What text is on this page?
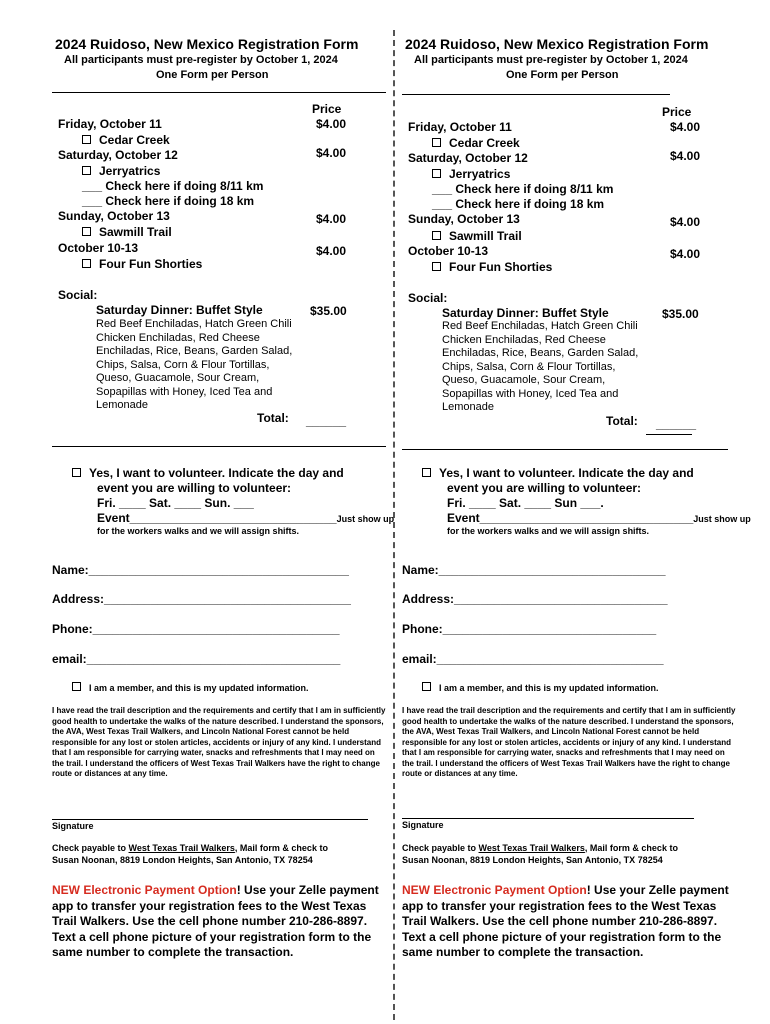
2024 Ruidoso, New Mexico Registration Form
All participants must pre-register by October 1, 2024
One Form per Person
Price
Friday, October 11	$4.00
Cedar Creek
Saturday, October 12	$4.00
Jerryatrics
___ Check here if doing 8/11 km
___ Check here if doing 18 km
Sunday, October 13	$4.00
Sawmill Trail
October 10-13	$4.00
Four Fun Shorties
Social:
Saturday Dinner: Buffet Style	$35.00
Red Beef Enchiladas, Hatch Green Chili Chicken Enchiladas, Red Cheese Enchiladas, Rice, Beans, Garden Salad, Chips, Salsa, Corn & Flour Tortillas, Queso, Guacamole, Sour Cream, Sopapillas with Honey, Iced Tea and Lemonade
Total: ______
Yes, I want to volunteer. Indicate the day and
event you are willing to volunteer:
Fri. ____ Sat. ____ Sun. ___
Event_______________________________Just show up
for the workers walks and we will assign shifts.
Name:_______________________________________
Address:_____________________________________
Phone:_____________________________________
email:______________________________________
I am a member, and this is my updated information.
I have read the trail description and the requirements and certify that I am in sufficiently good health to undertake the walks of the nature described. I understand the sponsors, the AVA, West Texas Trail Walkers, and Lincoln National Forest cannot be held responsible for any lost or stolen articles, accidents or injury of any kind. I understand that I am responsible for carrying water, snacks and refreshments that I may need on the trail. I understand the officers of West Texas Trail Walkers have the right to change route or distances at any time.
Signature
Check payable to West Texas Trail Walkers, Mail form & check to
Susan Noonan, 8819 London Heights, San Antonio, TX 78254
NEW Electronic Payment Option! Use your Zelle payment app to transfer your registration fees to the West Texas Trail Walkers. Use the cell phone number 210-286-8897. Text a cell phone picture of your registration form to the same number to complete the transaction.
2024 Ruidoso, New Mexico Registration Form
All participants must pre-register by October 1, 2024
One Form per Person
Price
Friday, October 11	$4.00
Cedar Creek
Saturday, October 12	$4.00
Jerryatrics
___ Check here if doing 8/11 km
___ Check here if doing 18 km
Sunday, October 13	$4.00
Sawmill Trail
October 10-13	$4.00
Four Fun Shorties
Social:
Saturday Dinner: Buffet Style	$35.00
Red Beef Enchiladas, Hatch Green Chili Chicken Enchiladas, Red Cheese Enchiladas, Rice, Beans, Garden Salad, Chips, Salsa, Corn & Flour Tortillas, Queso, Guacamole, Sour Cream, Sopapillas with Honey, Iced Tea and Lemonade
Total: ______
Yes, I want to volunteer. Indicate the day and
event you are willing to volunteer:
Fri. ____ Sat. ____ Sun ___.
Event________________________________Just show up
for the workers walks and we will assign shifts.
Name:__________________________________
Address:________________________________
Phone:________________________________
email:__________________________________
I am a member, and this is my updated information.
I have read the trail description and the requirements and certify that I am in sufficiently good health to undertake the walks of the nature described. I understand the sponsors, the AVA, West Texas Trail Walkers, and Lincoln National Forest cannot be held responsible for any lost or stolen articles, accidents or injury of any kind. I understand that I am responsible for carrying water, snacks and refreshments that I may need on the trail. I understand the officers of West Texas Trail Walkers have the right to change route or distances at any time.
Signature
Check payable to West Texas Trail Walkers, Mail form & check to
Susan Noonan, 8819 London Heights, San Antonio, TX 78254
NEW Electronic Payment Option! Use your Zelle payment app to transfer your registration fees to the West Texas Trail Walkers. Use the cell phone number 210-286-8897. Text a cell phone picture of your registration form to the same number to complete the transaction.
